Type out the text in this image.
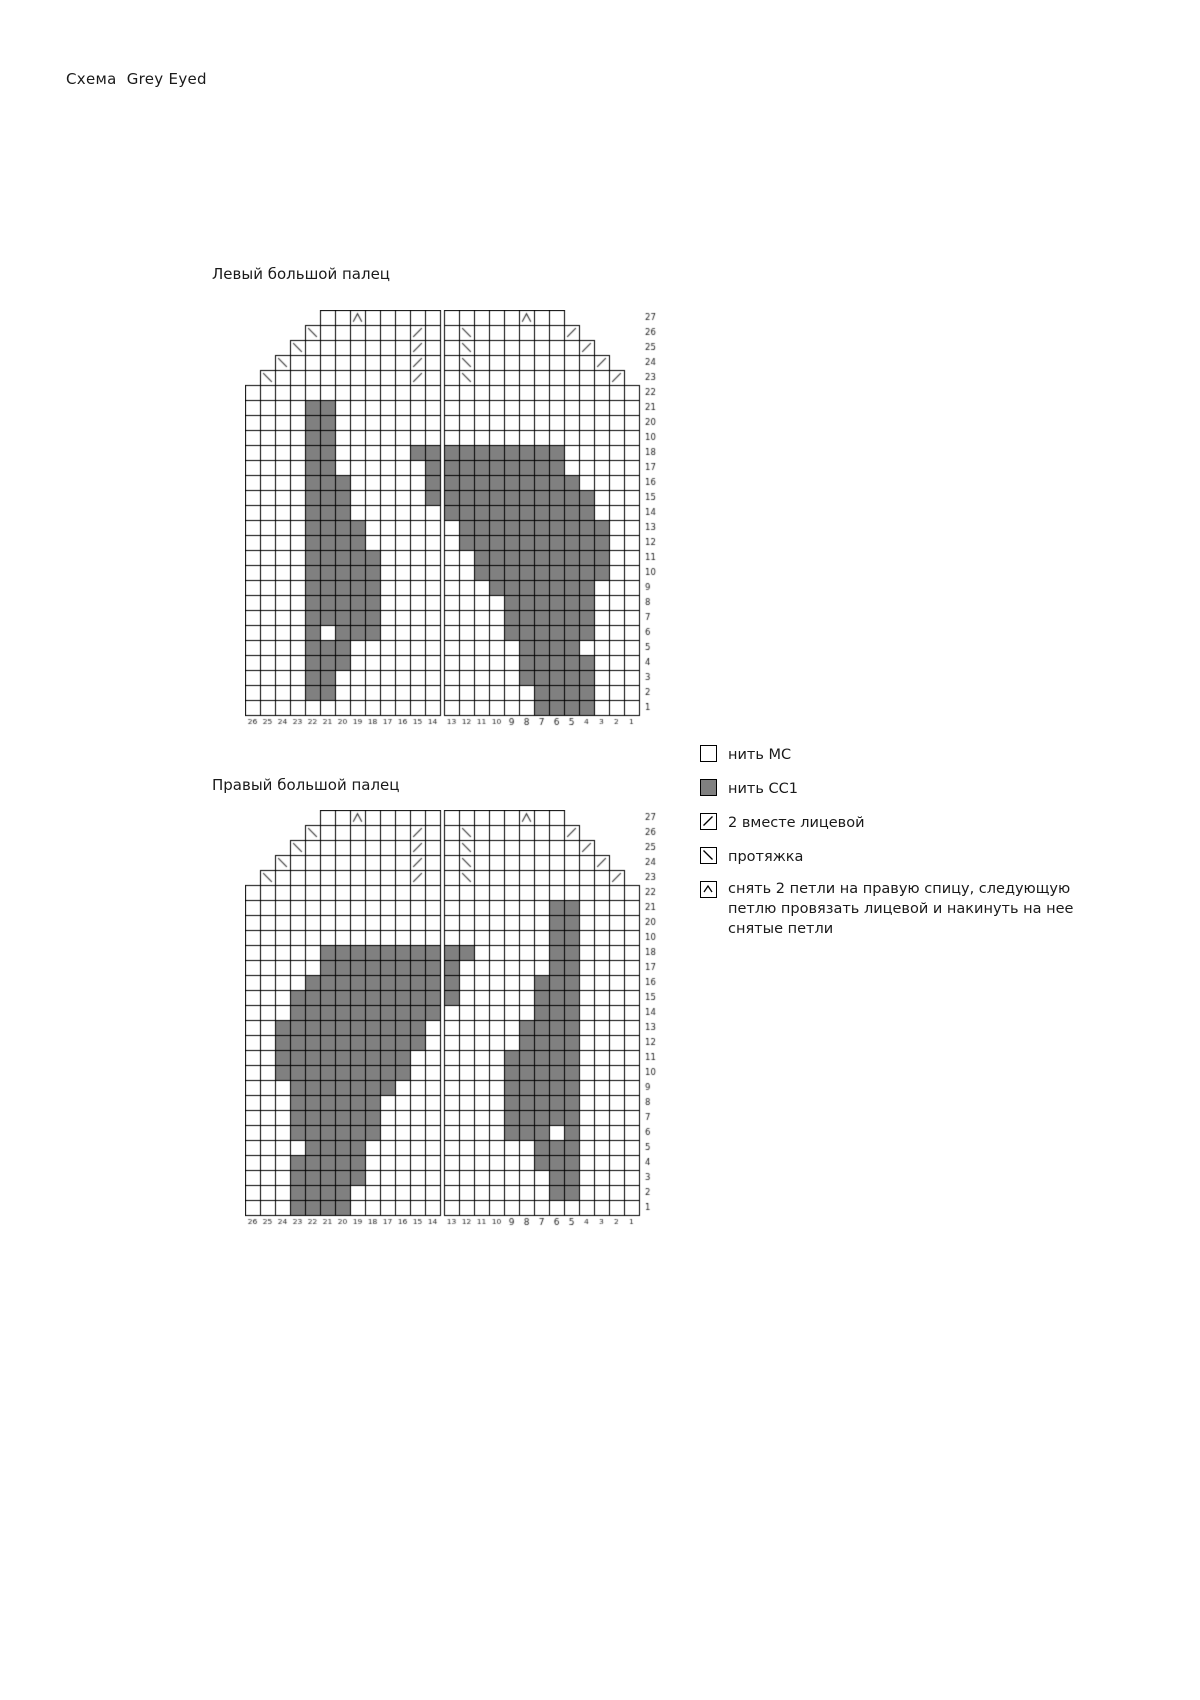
Схема  Grey Eyed
Левый большой палец
Правый большой палец
нить МС
нить СС1
2 вместе лицевой
протяжка
снять 2 петли на правую спицу, следующую петлю провязать лицевой и накинуть на нее снятые петли
